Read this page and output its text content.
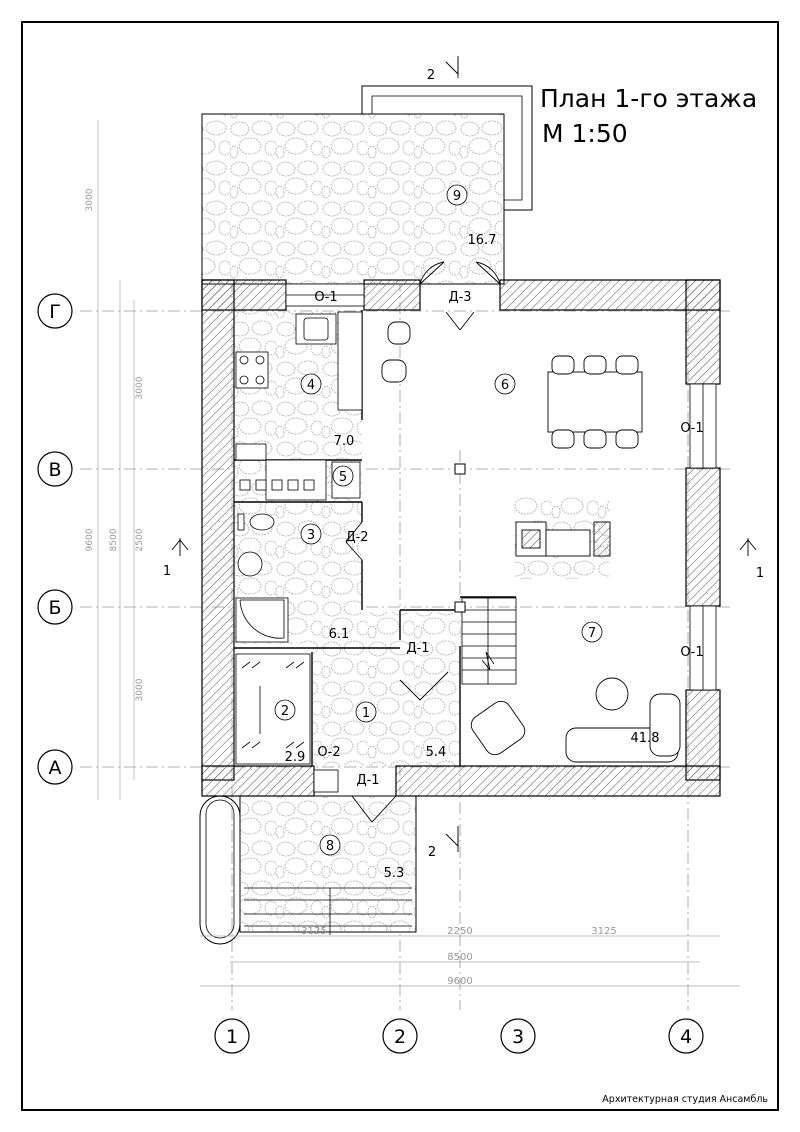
План 1-го этажа
М 1:50
Г
В
Б
А
1	2	3	4
1
5.4
2
2.9
3
4
7.0
5
6
6.1	7
41.8
8
5.3
9
16.7
О-1
О-1
О-1
О-2
Д-1
Д-1
Д-2
Д-3
1	1
2
2
3000
3000
9600 8500 2500
3000
3125	2250	3125
8500
9600
Архитектурная студия Ансамбль
